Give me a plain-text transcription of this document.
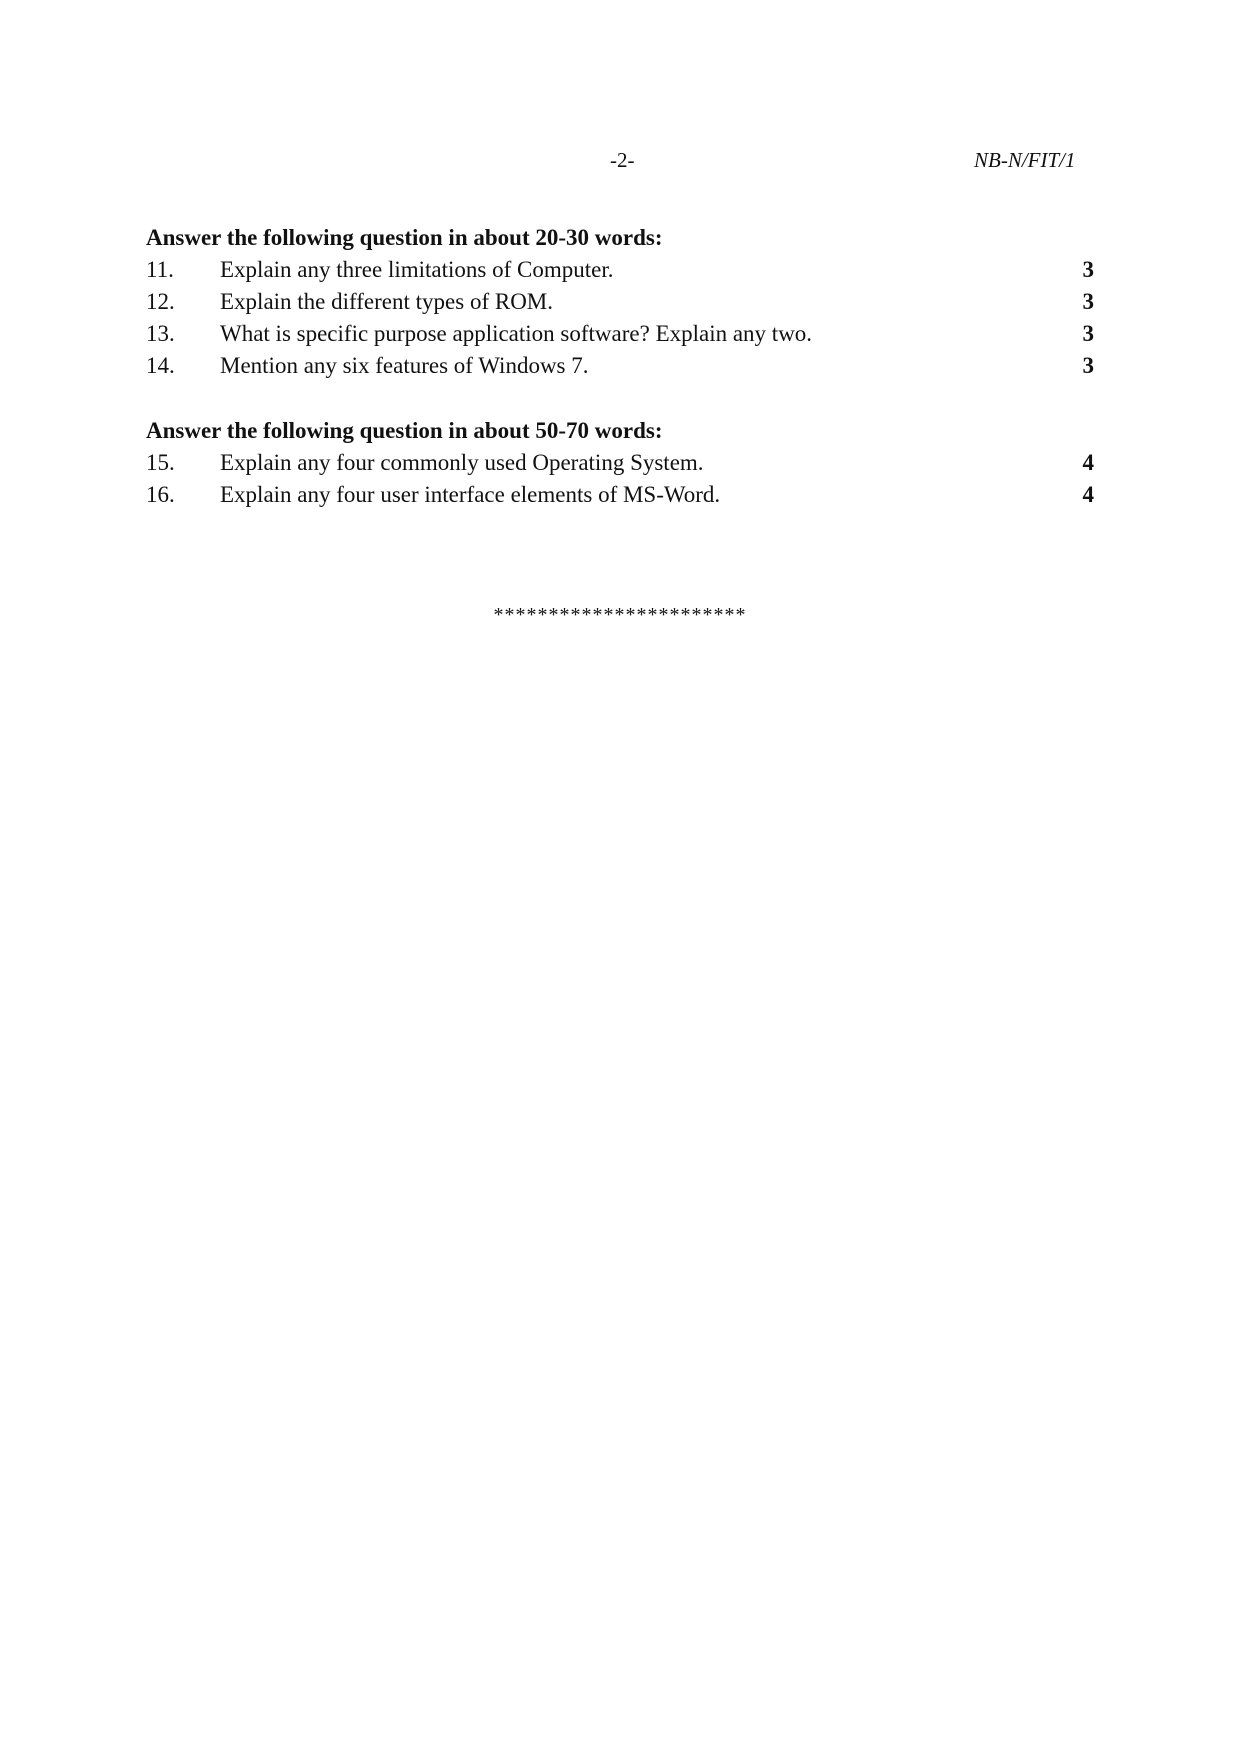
-2-	NB-N/FIT/1
Answer the following question in about 20-30 words:
11. Explain any three limitations of Computer.	3
12. Explain the different types of ROM.	3
13. What is specific purpose application software? Explain any two.	3
14. Mention any six features of Windows 7.	3
Answer the following question in about 50-70 words:
15. Explain any four commonly used Operating System.	4
16. Explain any four user interface elements of MS-Word.	4
***********************
